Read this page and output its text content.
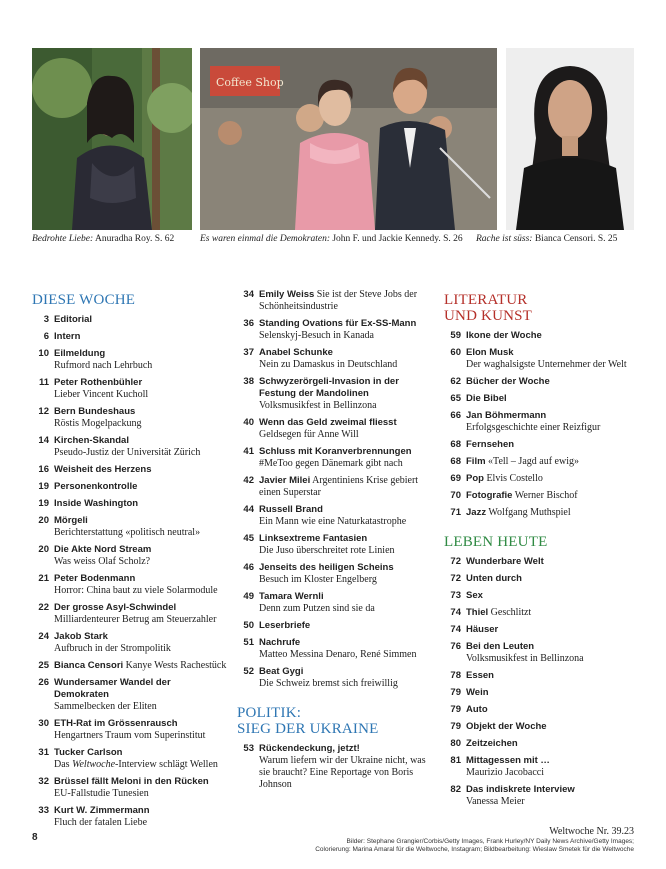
Coffee Shop
Bedrohte Liebe: Anuradha Roy. S. 62	Es waren einmal die Demokraten: John F. und Jackie Kennedy. S. 26 Rache ist süss: Bianca Censori. S. 25
DIESE WOCHE
3 Editorial
6 Intern
10 Eilmeldung
Rufmord nach Lehrbuch
11 Peter Rothenbühler
Lieber Vincent Kucholl
12 Bern Bundeshaus
Röstis Mogelpackung
14 Kirchen-Skandal
Pseudo-Justiz der Universität Zürich
16 Weisheit des Herzens
19 Personenkontrolle
19 Inside Washington
20 Mörgeli
Berichterstattung «politisch neutral»
20 Die Akte Nord Stream
Was weiss Olaf Scholz?
21 Peter Bodenmann
Horror: China baut zu viele Solarmodule
22 Der grosse Asyl-Schwindel
Milliardenteurer Betrug am Steuerzahler
24 Jakob Stark
Aufbruch in der Strompolitik
25 Bianca Censori Kanye Wests Rachestück
26 Wundersamer Wandel der Demokraten
Sammelbecken der Eliten
30 ETH-Rat im Grössenrausch
Hengartners Traum vom Superinstitut
31 Tucker Carlson
Das Weltwoche-Interview schlägt Wellen
32 Brüssel fällt Meloni in den Rücken
EU-Fallstudie Tunesien
33 Kurt W. Zimmermann
Fluch der fatalen Liebe
34 Emily Weiss Sie ist der Steve Jobs der Schönheitsindustrie
36 Standing Ovations für Ex-SS-Mann
Selenskyj-Besuch in Kanada
37 Anabel Schunke
Nein zu Damaskus in Deutschland
38 Schwyzerörgeli-Invasion in der Festung der Mandolinen
Volksmusikfest in Bellinzona
40 Wenn das Geld zweimal fliesst
Geldsegen für Anne Will
41 Schluss mit Koranverbrennungen
#MeToo gegen Dänemark gibt nach
42 Javier Milei Argentiniens Krise gebiert einen Superstar
44 Russell Brand
Ein Mann wie eine Naturkatastrophe
45 Linksextreme Fantasien
Die Juso überschreitet rote Linien
46 Jenseits des heiligen Scheins
Besuch im Kloster Engelberg
49 Tamara Wernli
Denn zum Putzen sind sie da
50 Leserbriefe
51 Nachrufe
Matteo Messina Denaro, René Simmen
52 Beat Gygi
Die Schweiz bremst sich freiwillig
POLITIK:
SIEG DER UKRAINE
53 Rückendeckung, jetzt!
Warum liefern wir der Ukraine nicht, was sie braucht? Eine Reportage von Boris Johnson
LITERATUR
UND KUNST
59 Ikone der Woche
60 Elon Musk
Der waghalsigste Unternehmer der Welt
62 Bücher der Woche
65 Die Bibel
66 Jan Böhmermann
Erfolgsgeschichte einer Reizfigur
68 Fernsehen
68 Film «Tell – Jagd auf ewig»
69 Pop Elvis Costello
70 Fotografie Werner Bischof
71 Jazz Wolfgang Muthspiel
LEBEN HEUTE
72 Wunderbare Welt
72 Unten durch
73 Sex
74 Thiel Geschlitzt
74 Häuser
76 Bei den Leuten
Volksmusikfest in Bellinzona
78 Essen
79 Wein
79 Auto
79 Objekt der Woche
80 Zeitzeichen
81 Mittagessen mit …
Maurizio Jacobacci
82 Das indiskrete Interview
Vanessa Meier
8
Weltwoche Nr. 39.23
Bilder: Stephane Grangier/Corbis/Getty Images, Frank Hurley/NY Daily News Archive/Getty Images;
Colorierung: Marina Amaral für die Weltwoche, Instagram; Bildbearbeitung: Wieslaw Smetek für die Weltwoche
